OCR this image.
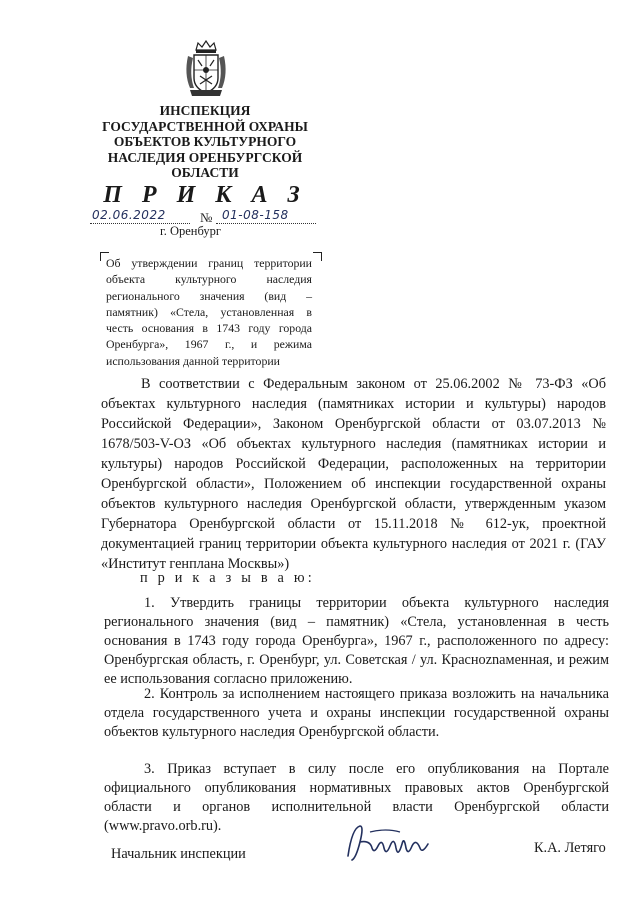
ИНСПЕКЦИЯ
ГОСУДАРСТВЕННОЙ ОХРАНЫ
ОБЪЕКТОВ КУЛЬТУРНОГО
НАСЛЕДИЯ ОРЕНБУРГСКОЙ
ОБЛАСТИ
П Р И К А З
02.06.2022	№ 01-08-158
г. Оренбург
Об утверждении границ территории объекта культурного наследия регионального значения (вид – памятник) «Стела, установленная в честь основания в 1743 году города Оренбурга», 1967 г., и режима использования данной территории
В соответствии с Федеральным законом от 25.06.2002 № 73-ФЗ «Об объектах культурного наследия (памятниках истории и культуры) народов Российской Федерации», Законом Оренбургской области от 03.07.2013 № 1678/503-V-ОЗ «Об объектах культурного наследия (памятниках истории и культуры) народов Российской Федерации, расположенных на территории Оренбургской области», Положением об инспекции государственной охраны объектов культурного наследия Оренбургской области, утвержденным указом Губернатора Оренбургской области от 15.11.2018 № 612-ук, проектной документацией границ территории объекта культурного наследия от 2021 г. (ГАУ «Институт генплана Москвы»)
п р и к а з ы в а ю:
1. Утвердить границы территории объекта культурного наследия регионального значения (вид – памятник) «Стела, установленная в честь основания в 1743 году города Оренбурга», 1967 г., расположенного по адресу: Оренбургская область, г. Оренбург, ул. Советская / ул. Красноznаменная, и режим ее использования согласно приложению.
2. Контроль за исполнением настоящего приказа возложить на начальника отдела государственного учета и охраны инспекции государственной охраны объектов культурного наследия Оренбургской области.
3. Приказ вступает в силу после его опубликования на Портале официального опубликования нормативных правовых актов Оренбургской области и органов исполнительной власти Оренбургской области (www.pravo.orb.ru).
Начальник инспекции	К.А. Летяго
